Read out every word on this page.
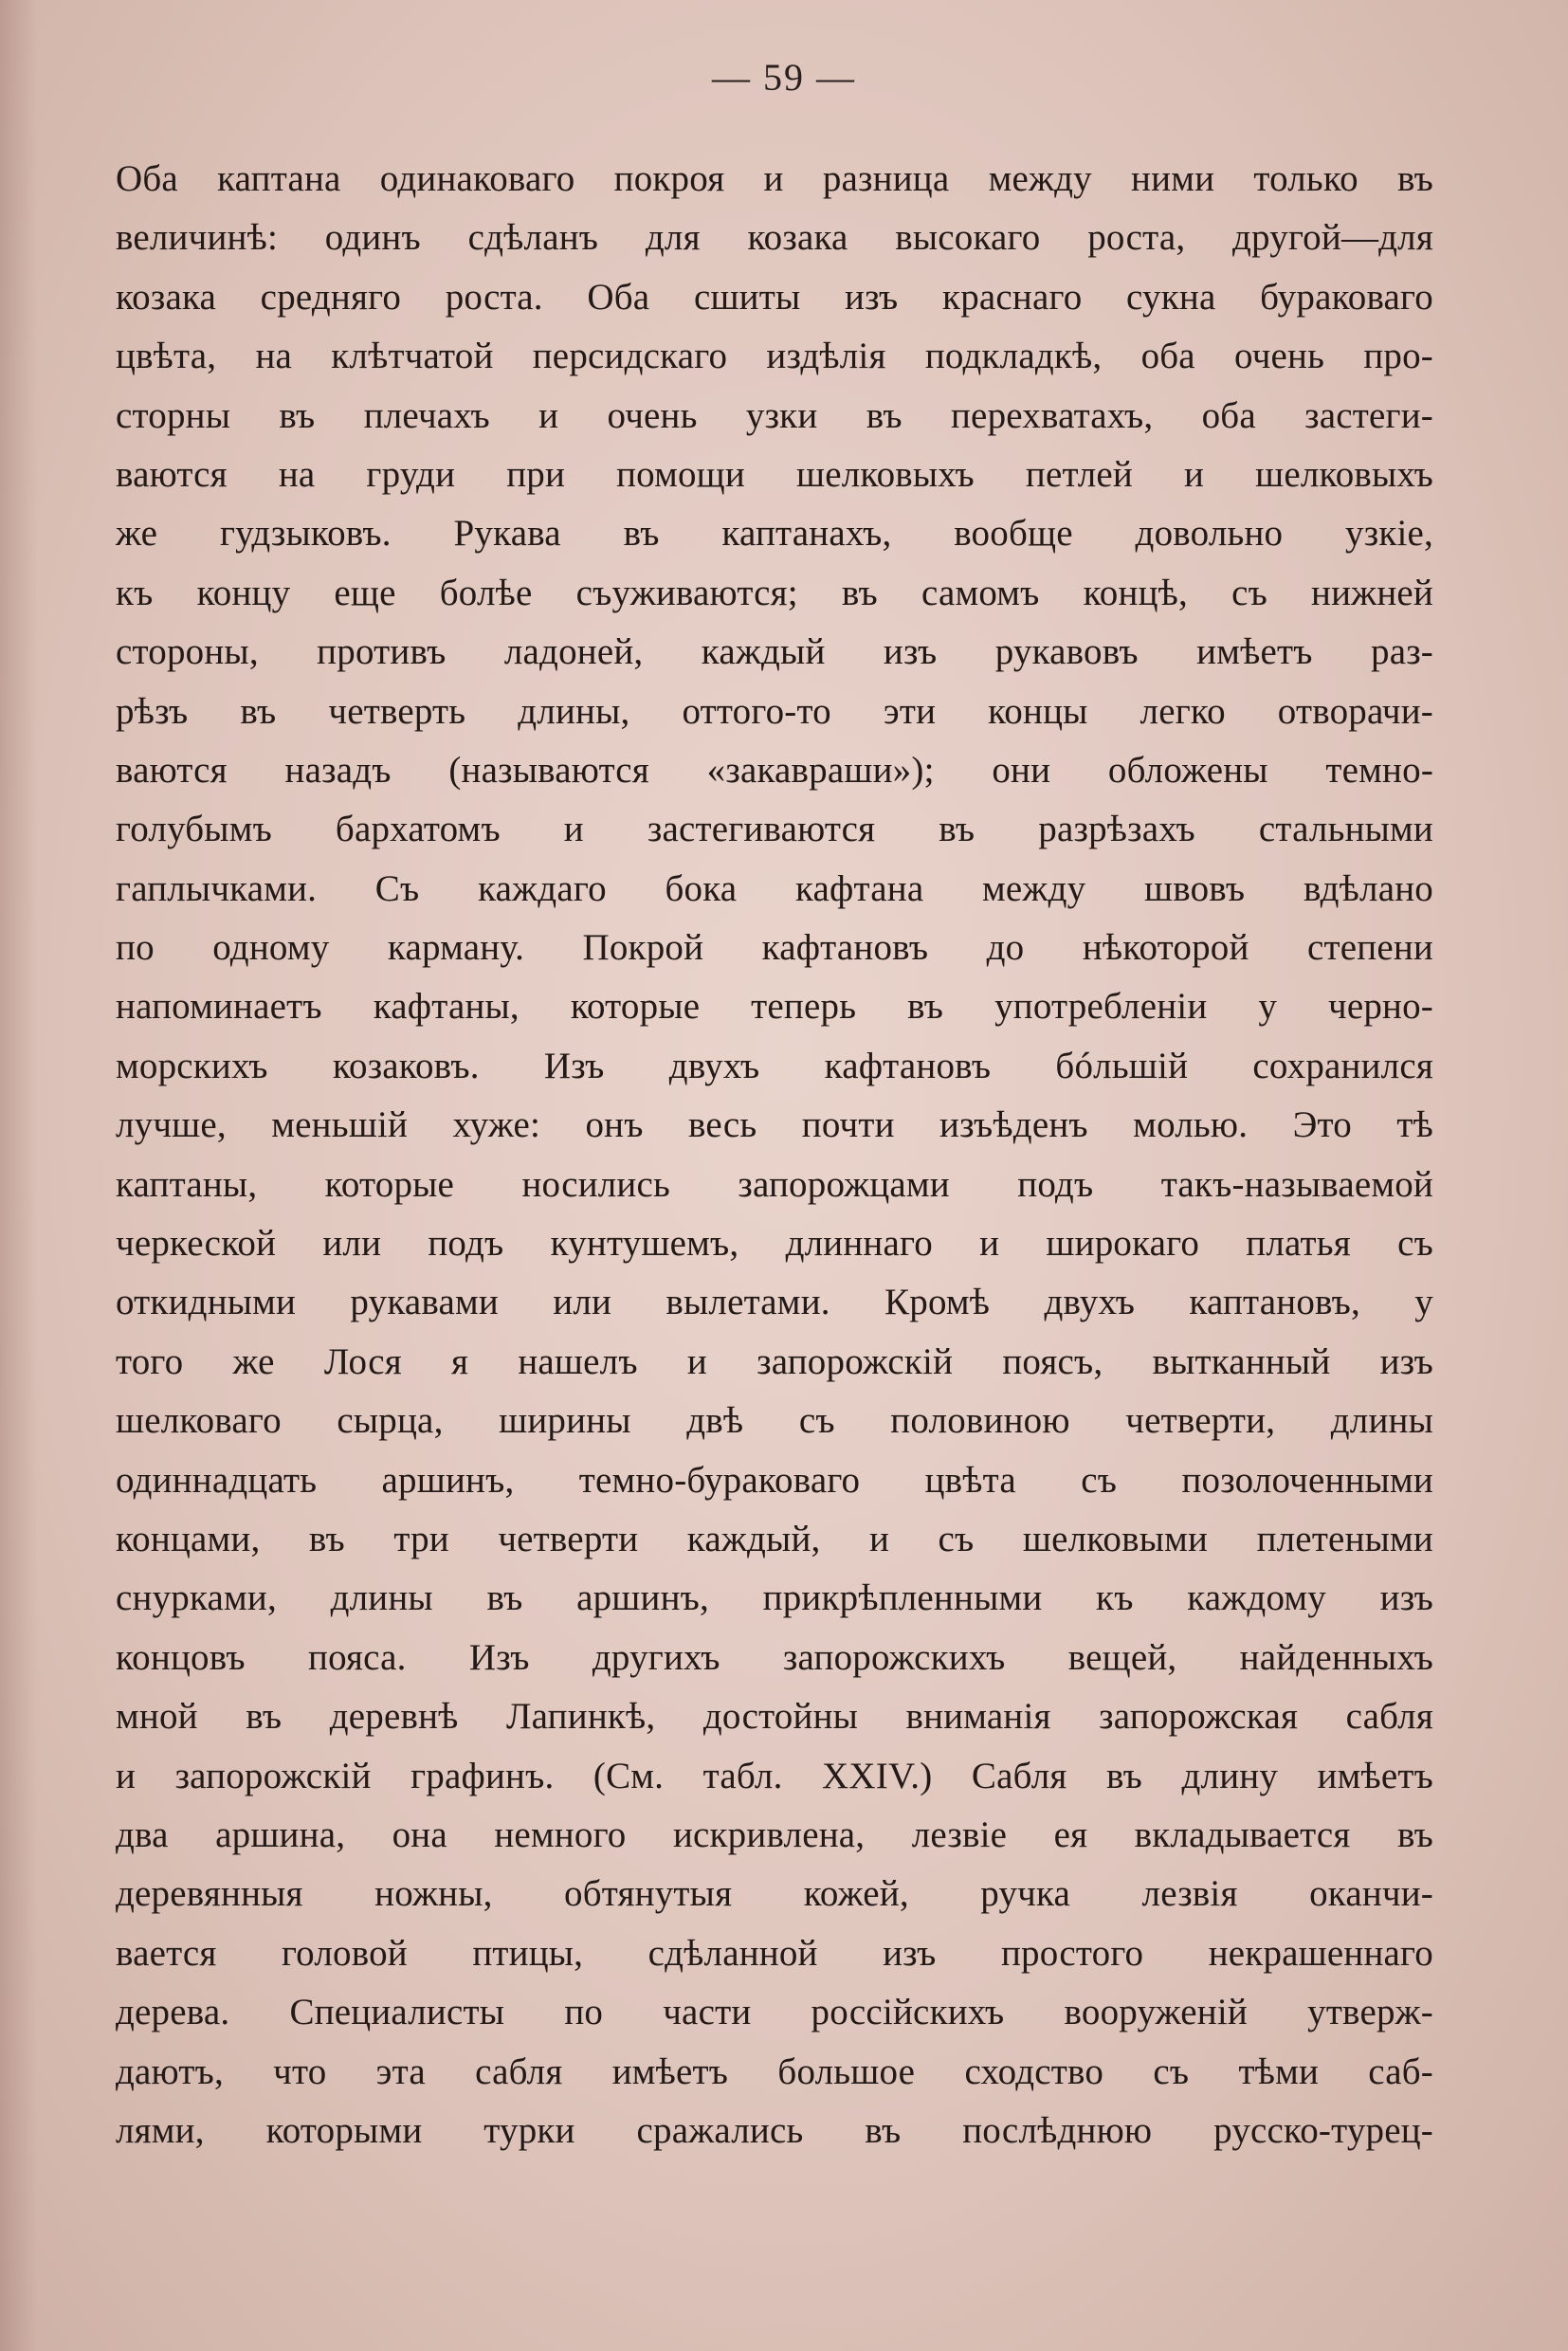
— 59 —
Оба каптана одинаковаго покроя и разница между ними только въ
величинѣ: одинъ сдѣланъ для козака высокаго роста, другой—для
козака средняго роста. Оба сшиты изъ краснаго сукна бураковаго
цвѣта, на клѣтчатой персидскаго издѣлія подкладкѣ, оба очень про-
сторны въ плечахъ и очень узки въ перехватахъ, оба застеги-
ваются на груди при помощи шелковыхъ петлей и шелковыхъ
же гудзыковъ. Рукава въ каптанахъ, вообще довольно узкіе,
къ концу еще болѣе съуживаются; въ самомъ концѣ, съ нижней
стороны, противъ ладоней, каждый изъ рукавовъ имѣетъ раз-
рѣзъ въ четверть длины, оттого-то эти концы легко отворачи-
ваются назадъ (называются «закавраши»); они обложены темно-
голубымъ бархатомъ и застегиваются въ разрѣзахъ стальными
гаплычками. Съ каждаго бока кафтана между швовъ вдѣлано
по одному карману. Покрой кафтановъ до нѣкоторой степени
напоминаетъ кафтаны, которые теперь въ употребленіи у черно-
морскихъ козаковъ. Изъ двухъ кафтановъ бóльшій сохранился
лучше, меньшій хуже: онъ весь почти изъѣденъ молью. Это тѣ
каптаны, которые носились запорожцами подъ такъ-называемой
черкеской или подъ кунтушемъ, длиннаго и широкаго платья съ
откидными рукавами или вылетами. Кромѣ двухъ каптановъ, у
того же Лося я нашелъ и запорожскій поясъ, вытканный изъ
шелковаго сырца, ширины двѣ съ половиною четверти, длины
одиннадцать аршинъ, темно-бураковаго цвѣта съ позолоченными
концами, въ три четверти каждый, и съ шелковыми плетеными
снурками, длины въ аршинъ, прикрѣпленными къ каждому изъ
концовъ пояса. Изъ другихъ запорожскихъ вещей, найденныхъ
мной въ деревнѣ Лапинкѣ, достойны вниманія запорожская сабля
и запорожскій графинъ. (См. табл. XXIV.) Сабля въ длину имѣетъ
два аршина, она немного искривлена, лезвіе ея вкладывается въ
деревянныя ножны, обтянутыя кожей, ручка лезвія оканчи-
вается головой птицы, сдѣланной изъ простого некрашеннаго
дерева. Специалисты по части россійскихъ вооруженій утверж-
даютъ, что эта сабля имѣетъ большое сходство съ тѣми саб-
лями, которыми турки сражались въ послѣднюю русско-турец-
